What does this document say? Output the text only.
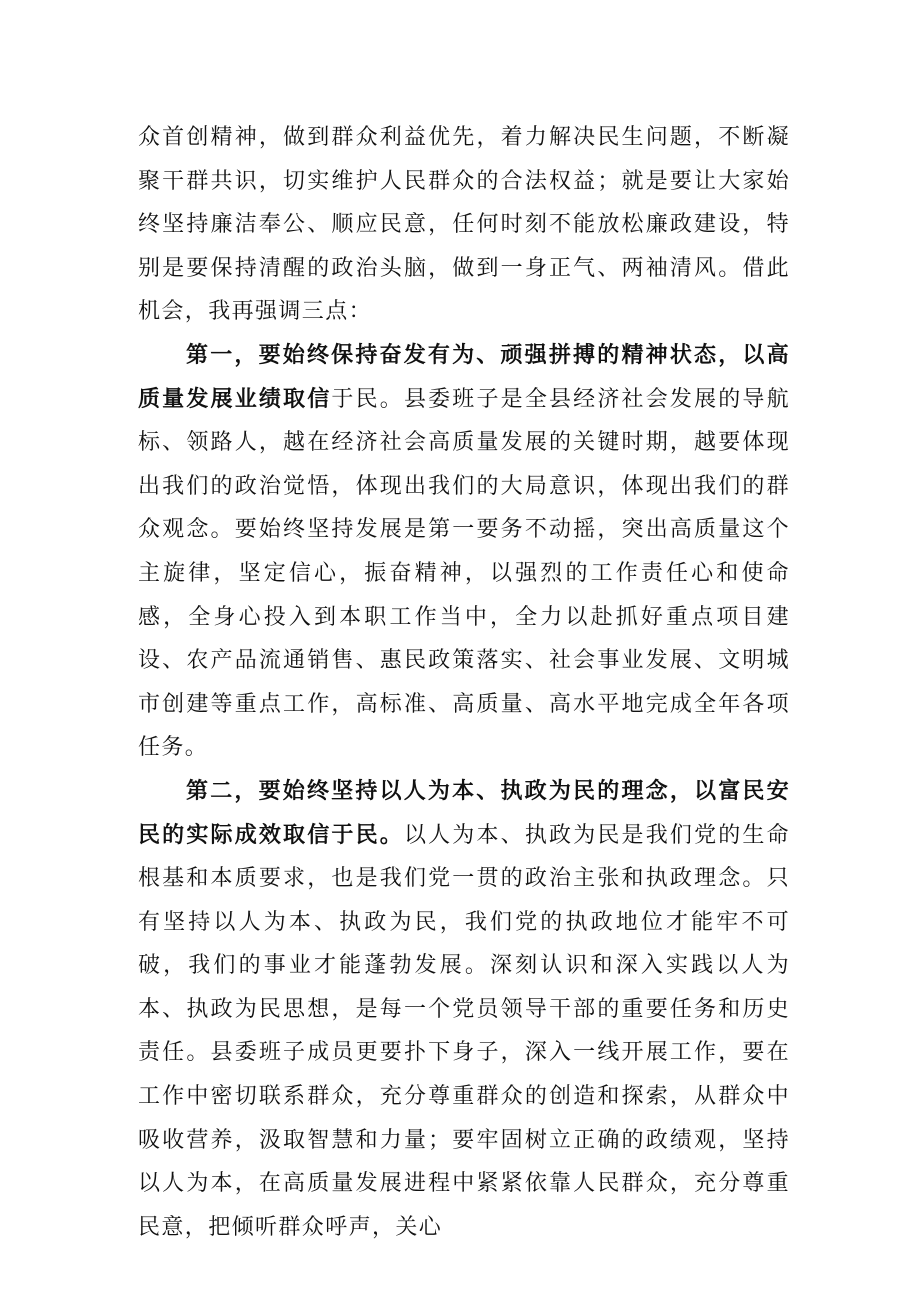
众首创精神，做到群众利益优先，着力解决民生问题，不断凝聚干群共识，切实维护人民群众的合法权益；就是要让大家始终坚持廉洁奉公、顺应民意，任何时刻不能放松廉政建设，特别是要保持清醒的政治头脑，做到一身正气、两袖清风。借此机会，我再强调三点：

第一，要始终保持奋发有为、顽强拼搏的精神状态，以高质量发展业绩取信于民。县委班子是全县经济社会发展的导航标、领路人，越在经济社会高质量发展的关键时期，越要体现出我们的政治觉悟，体现出我们的大局意识，体现出我们的群众观念。要始终坚持发展是第一要务不动摇，突出高质量这个主旋律，坚定信心，振奋精神，以强烈的工作责任心和使命感，全身心投入到本职工作当中，全力以赴抓好重点项目建设、农产品流通销售、惠民政策落实、社会事业发展、文明城市创建等重点工作，高标准、高质量、高水平地完成全年各项任务。

第二，要始终坚持以人为本、执政为民的理念，以富民安民的实际成效取信于民。以人为本、执政为民是我们党的生命根基和本质要求，也是我们党一贯的政治主张和执政理念。只有坚持以人为本、执政为民，我们党的执政地位才能牢不可破，我们的事业才能蓬勃发展。深刻认识和深入实践以人为本、执政为民思想，是每一个党员领导干部的重要任务和历史责任。县委班子成员更要扑下身子，深入一线开展工作，要在工作中密切联系群众，充分尊重群众的创造和探索，从群众中吸收营养，汲取智慧和力量；要牢固树立正确的政绩观，坚持以人为本，在高质量发展进程中紧紧依靠人民群众，充分尊重民意，把倾听群众呼声，关心
